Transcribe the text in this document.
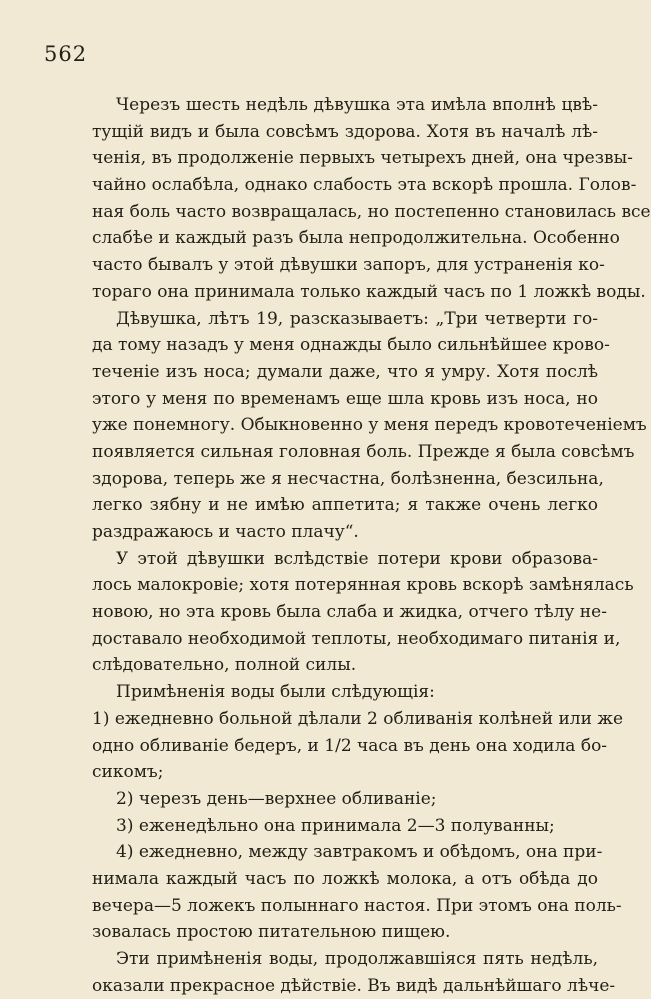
562
Черезъ шесть недѣль дѣвушка эта имѣла вполнѣ цвѣ-
тущій видъ и была совсѣмъ здорова. Хотя въ началѣ лѣ-
ченія, въ продолженіе первыхъ четырехъ дней, она чрезвы-
чайно ослабѣла, однако слабость эта вскорѣ прошла. Голов-
ная боль часто возвращалась, но постепенно становилась все
слабѣе и каждый разъ была непродолжительна. Особенно
часто бывалъ у этой дѣвушки запоръ, для устраненія ко-
тораго она принимала только каждый часъ по 1 ложкѣ воды.
Дѣвушка, лѣтъ 19, разсказываетъ: „Три четверти го-
да тому назадъ у меня однажды было сильнѣйшее крово-
теченіе изъ носа; думали даже, что я умру. Хотя послѣ
этого у меня по временамъ еще шла кровь изъ носа, но
уже понемногу. Обыкновенно у меня передъ кровотеченіемъ
появляется сильная головная боль. Прежде я была совсѣмъ
здорова, теперь же я несчастна, болѣзненна, безсильна,
легко зябну и не имѣю аппетита; я также очень легко
раздражаюсь и часто плачу“.
У этой дѣвушки вслѣдствіе потери крови образова-
лось малокровіе; хотя потерянная кровь вскорѣ замѣнялась
новою, но эта кровь была слаба и жидка, отчего тѣлу не-
доставало необходимой теплоты, необходимаго питанія и,
слѣдовательно, полной силы.
Примѣненія воды были слѣдующія:
1) ежедневно больной дѣлали 2 обливанія колѣней или же
одно обливаніе бедеръ, и 1/2 часа въ день она ходила бо-
сикомъ;
2) черезъ день—верхнее обливаніе;
3) еженедѣльно она принимала 2—3 полуванны;
4) ежедневно, между завтракомъ и обѣдомъ, она при-
нимала каждый часъ по ложкѣ молока, а отъ обѣда до
вечера—5 ложекъ полыннаго настоя. При этомъ она поль-
зовалась простою питательною пищею.
Эти примѣненія воды, продолжавшіяся пять недѣль,
оказали прекрасное дѣйствіе. Въ видѣ дальнѣйшаго лѣче-
